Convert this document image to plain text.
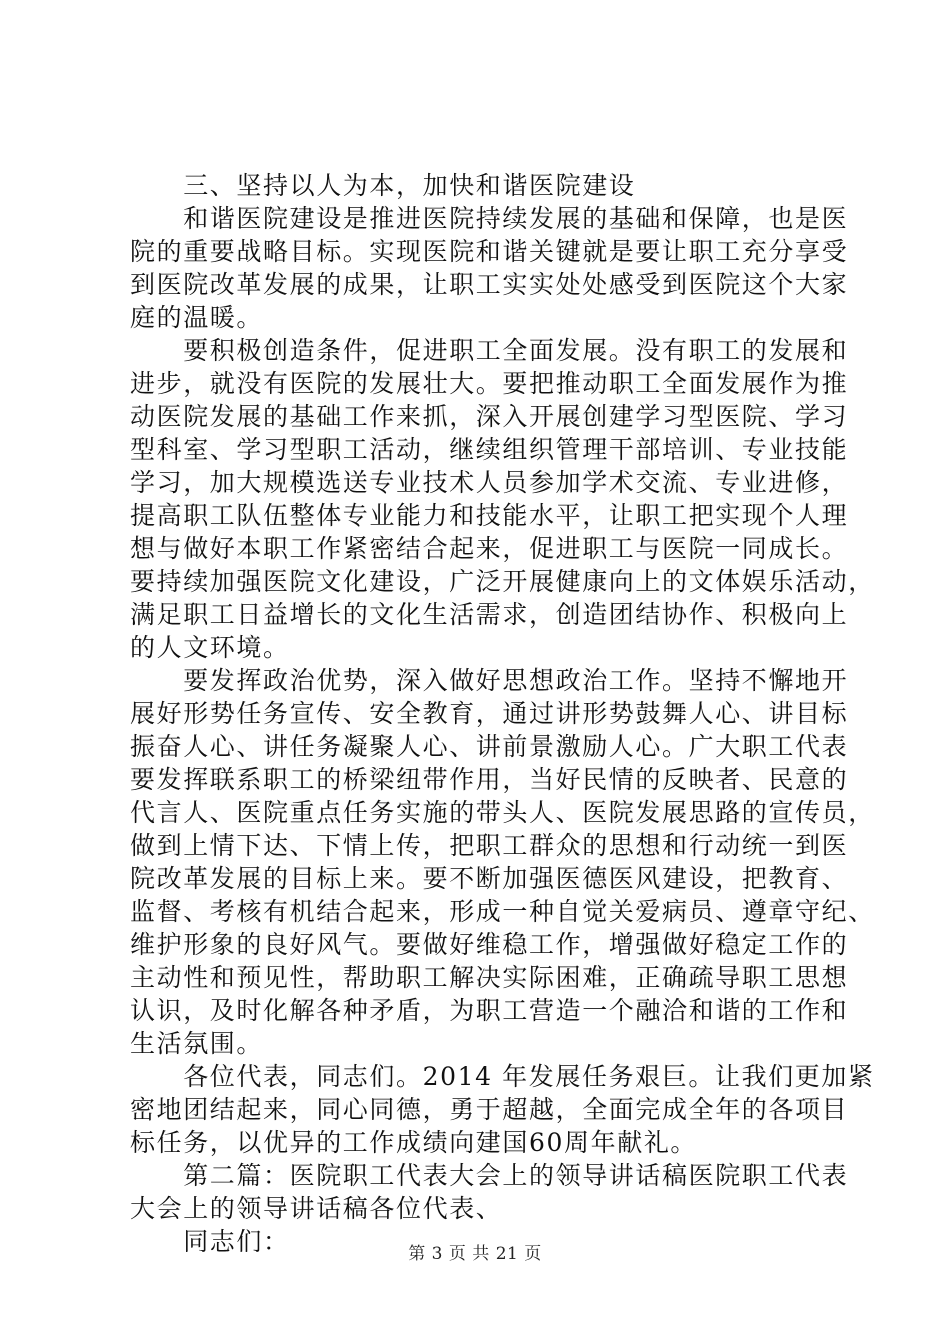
　　三、坚持以人为本，加快和谐医院建设
　　和谐医院建设是推进医院持续发展的基础和保障，也是医
院的重要战略目标。实现医院和谐关键就是要让职工充分享受
到医院改革发展的成果，让职工实实处处感受到医院这个大家
庭的温暖。
　　要积极创造条件，促进职工全面发展。没有职工的发展和
进步，就没有医院的发展壮大。要把推动职工全面发展作为推
动医院发展的基础工作来抓，深入开展创建学习型医院、学习
型科室、学习型职工活动，继续组织管理干部培训、专业技能
学习，加大规模选送专业技术人员参加学术交流、专业进修，
提高职工队伍整体专业能力和技能水平，让职工把实现个人理
想与做好本职工作紧密结合起来，促进职工与医院一同成长。
要持续加强医院文化建设，广泛开展健康向上的文体娱乐活动，
满足职工日益增长的文化生活需求，创造团结协作、积极向上
的人文环境。
　　要发挥政治优势，深入做好思想政治工作。坚持不懈地开
展好形势任务宣传、安全教育，通过讲形势鼓舞人心、讲目标
振奋人心、讲任务凝聚人心、讲前景激励人心。广大职工代表
要发挥联系职工的桥梁纽带作用，当好民情的反映者、民意的
代言人、医院重点任务实施的带头人、医院发展思路的宣传员，
做到上情下达、下情上传，把职工群众的思想和行动统一到医
院改革发展的目标上来。要不断加强医德医风建设，把教育、
监督、考核有机结合起来，形成一种自觉关爱病员、遵章守纪、
维护形象的良好风气。要做好维稳工作，增强做好稳定工作的
主动性和预见性，帮助职工解决实际困难，正确疏导职工思想
认识，及时化解各种矛盾，为职工营造一个融洽和谐的工作和
生活氛围。
　　各位代表，同志们。2014 年发展任务艰巨。让我们更加紧
密地团结起来，同心同德，勇于超越，全面完成全年的各项目
标任务，以优异的工作成绩向建国60周年献礼。
　　第二篇：医院职工代表大会上的领导讲话稿医院职工代表
大会上的领导讲话稿各位代表、
　　同志们：	第 3 页 共 21 页
